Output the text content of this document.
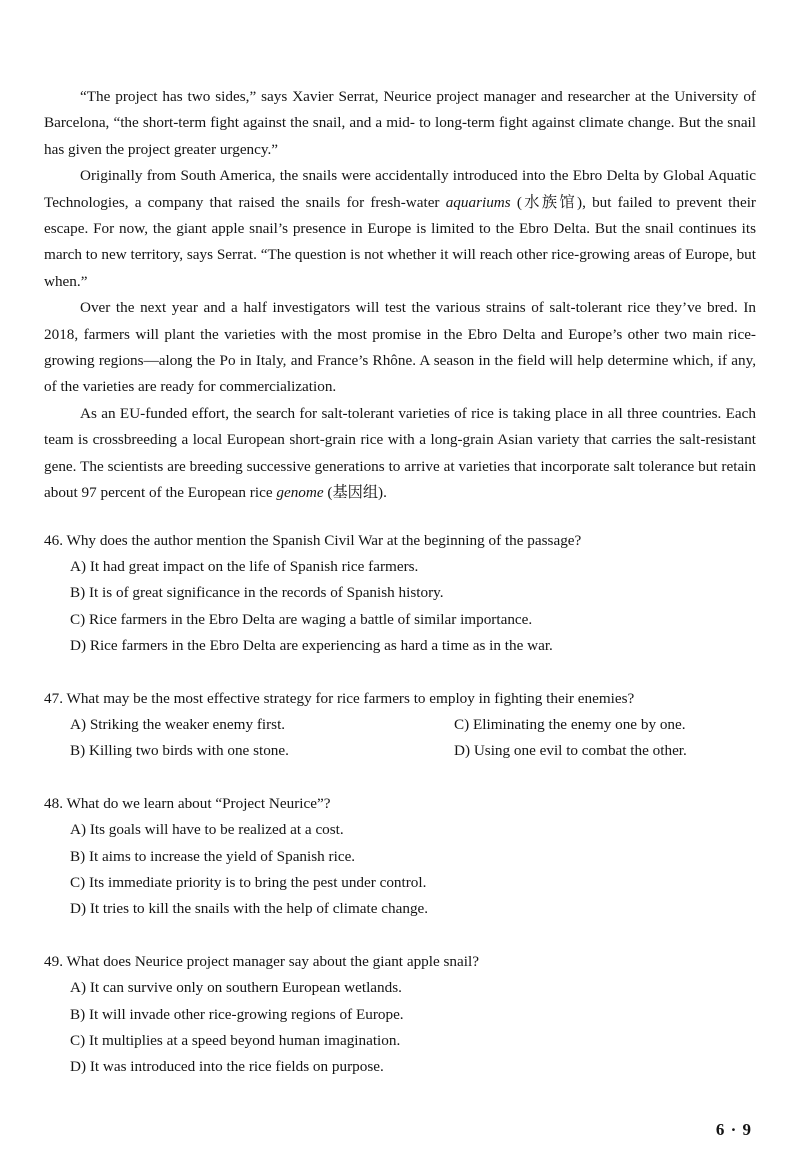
“The project has two sides,” says Xavier Serrat, Neurice project manager and researcher at the University of Barcelona, “the short-term fight against the snail, and a mid- to long-term fight against climate change. But the snail has given the project greater urgency.”

Originally from South America, the snails were accidentally introduced into the Ebro Delta by Global Aquatic Technologies, a company that raised the snails for fresh-water aquariums (水族馆), but failed to prevent their escape. For now, the giant apple snail’s presence in Europe is limited to the Ebro Delta. But the snail continues its march to new territory, says Serrat. “The question is not whether it will reach other rice-growing areas of Europe, but when.”

Over the next year and a half investigators will test the various strains of salt-tolerant rice they’ve bred. In 2018, farmers will plant the varieties with the most promise in the Ebro Delta and Europe’s other two main rice-growing regions—along the Po in Italy, and France’s Rhône. A season in the field will help determine which, if any, of the varieties are ready for commercialization.

As an EU-funded effort, the search for salt-tolerant varieties of rice is taking place in all three countries. Each team is crossbreeding a local European short-grain rice with a long-grain Asian variety that carries the salt-resistant gene. The scientists are breeding successive generations to arrive at varieties that incorporate salt tolerance but retain about 97 percent of the European rice genome (基因组).

46. Why does the author mention the Spanish Civil War at the beginning of the passage?
A) It had great impact on the life of Spanish rice farmers.
B) It is of great significance in the records of Spanish history.
C) Rice farmers in the Ebro Delta are waging a battle of similar importance.
D) Rice farmers in the Ebro Delta are experiencing as hard a time as in the war.
47. What may be the most effective strategy for rice farmers to employ in fighting their enemies?
A) Striking the weaker enemy first.	C) Eliminating the enemy one by one.
B) Killing two birds with one stone.	D) Using one evil to combat the other.
48. What do we learn about “Project Neurice”?
A) Its goals will have to be realized at a cost.
B) It aims to increase the yield of Spanish rice.
C) Its immediate priority is to bring the pest under control.
D) It tries to kill the snails with the help of climate change.
49. What does Neurice project manager say about the giant apple snail?
A) It can survive only on southern European wetlands.
B) It will invade other rice-growing regions of Europe.
C) It multiplies at a speed beyond human imagination.
D) It was introduced into the rice fields on purpose.
6 · 9
